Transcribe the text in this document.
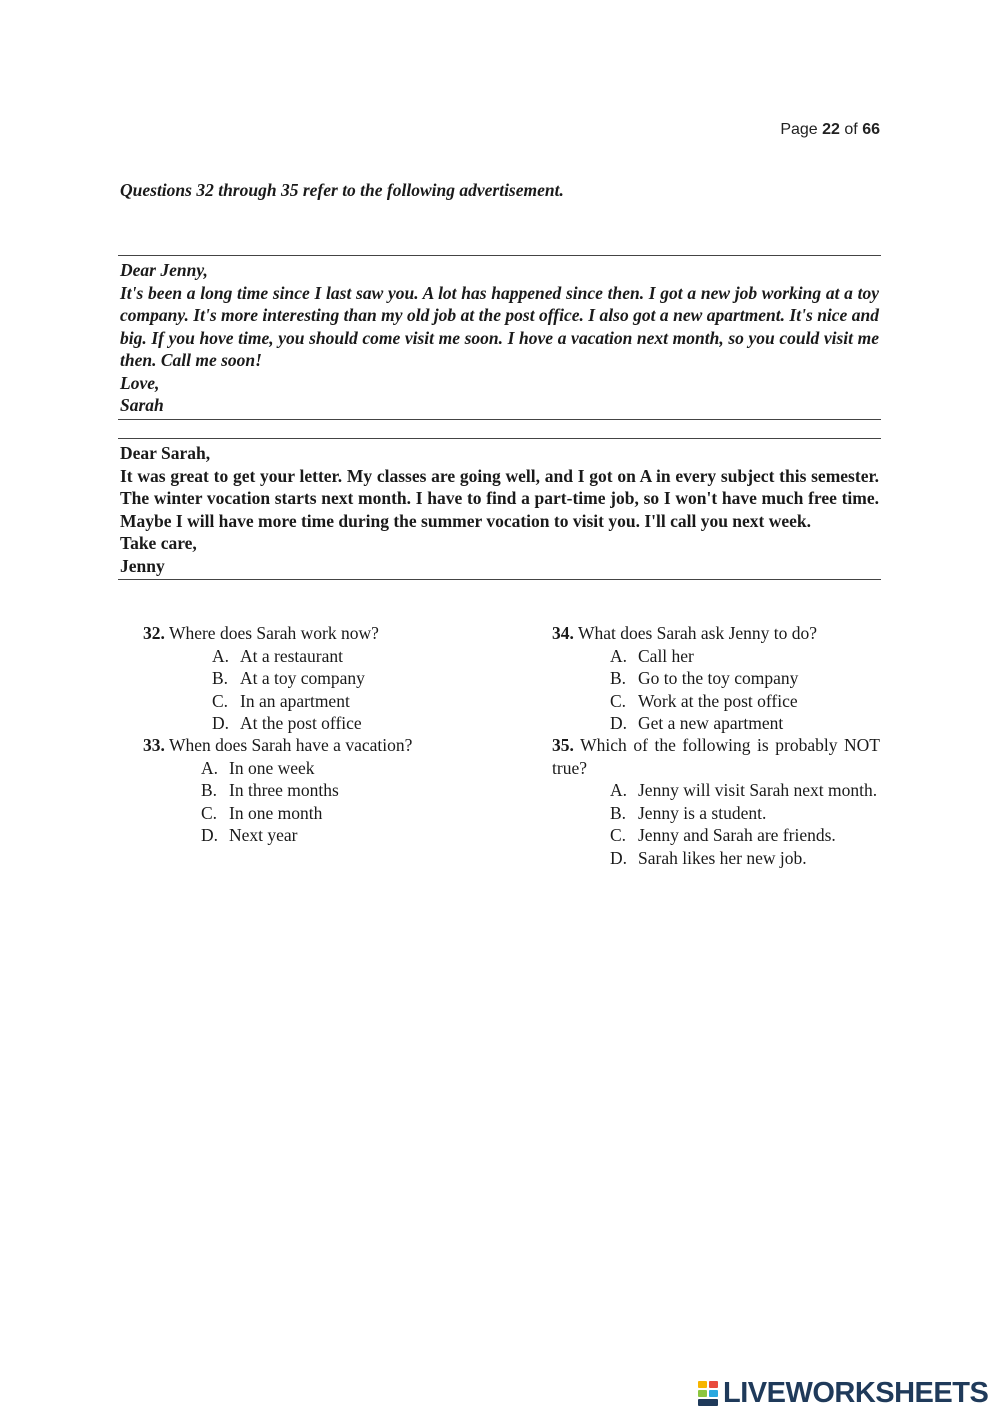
Page 22 of 66
Questions 32 through 35 refer to the following advertisement.

Dear Jenny,

It's been a long time since I last saw you. A lot has happened since then. I got a new job working at a toy company. It's more interesting than my old job at the post office. I also got a new apartment. It's nice and big. If you hove time, you should come visit me soon. I hove a vacation next month, so you could visit me then. Call me soon!

Love,

Sarah

Dear Sarah,

It was great to get your letter. My classes are going well, and I got on A in every subject this semester. The winter vocation starts next month. I have to find a part-time job, so I won't have much free time. Maybe I will have more time during the summer vocation to visit you. I'll call you next week.

Take care,

Jenny

32. Where does Sarah work now?
A. At a restaurant
B. At a toy company
C. In an apartment
D. At the post office
33. When does Sarah have a vacation?
A. In one week
B. In three months
C. In one month
D. Next year
34. What does Sarah ask Jenny to do?
A. Call her
B. Go to the toy company
C. Work at the post office
D. Get a new apartment
35. Which of the following is probably NOT true?
A. Jenny will visit Sarah next month.
B. Jenny is a student.
C. Jenny and Sarah are friends.
D. Sarah likes her new job.
LIVEWORKSHEETS
